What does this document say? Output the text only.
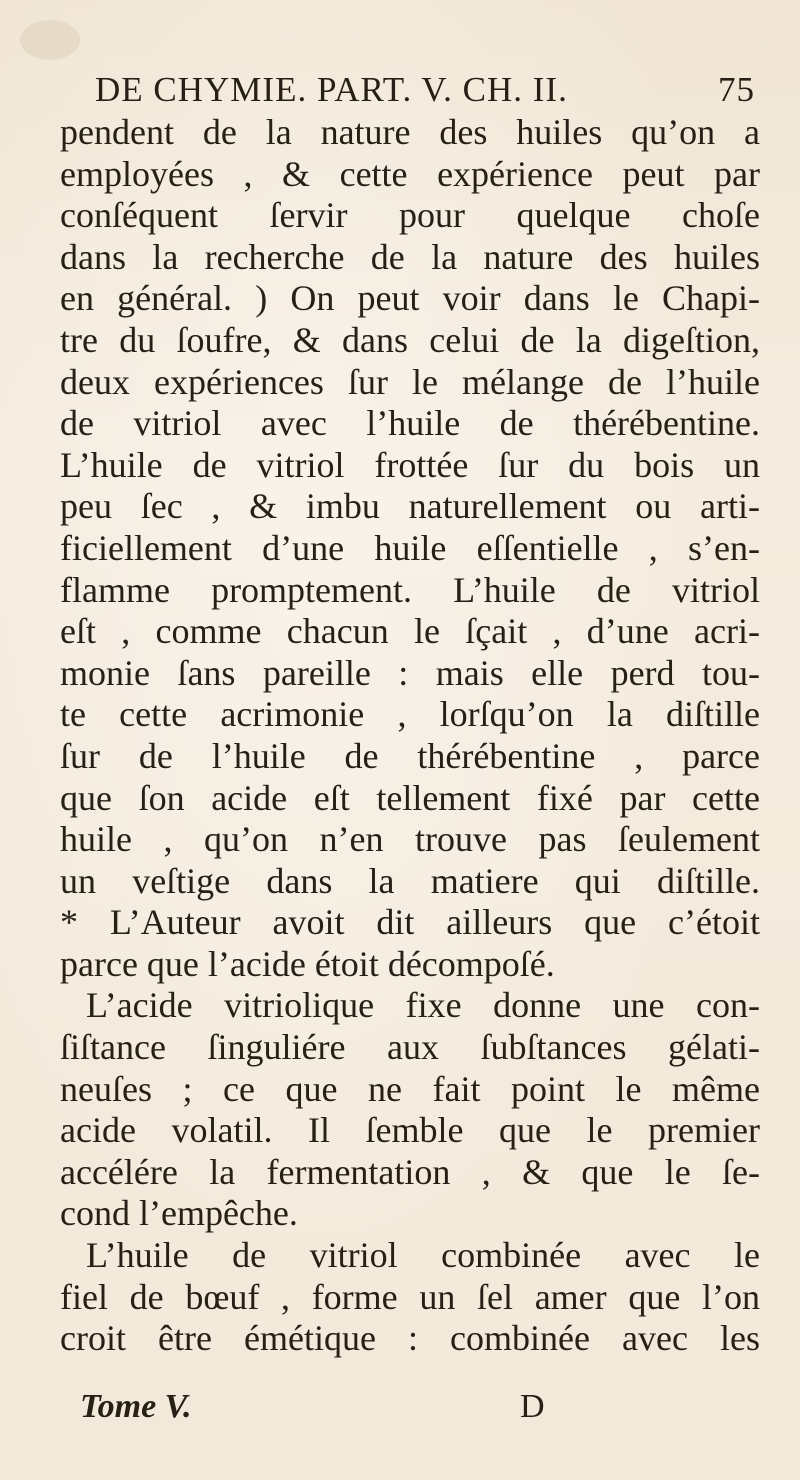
DE CHYMIE. PART. V. CH. II.	75
pendent de la nature des huiles qu’on a
employées , & cette expérience peut par
conſéquent ſervir pour quelque choſe
dans la recherche de la nature des huiles
en général. ) On peut voir dans le Chapi-
tre du ſoufre, & dans celui de la digeſtion,
deux expériences ſur le mélange de l’huile
de vitriol avec l’huile de thérébentine.
L’huile de vitriol frottée ſur du bois un
peu ſec , & imbu naturellement ou arti-
ficiellement d’une huile eſſentielle , s’en-
flamme promptement. L’huile de vitriol
eſt , comme chacun le ſçait , d’une acri-
monie ſans pareille : mais elle perd tou-
te cette acrimonie , lorſqu’on la diſtille
ſur de l’huile de thérébentine , parce
que ſon acide eſt tellement fixé par cette
huile , qu’on n’en trouve pas ſeulement
un veſtige dans la matiere qui diſtille.
* L’Auteur avoit dit ailleurs que c’étoit
parce que l’acide étoit décompoſé.
L’acide vitriolique fixe donne une con-
ſiſtance ſinguliére aux ſubſtances gélati-
neuſes ; ce que ne fait point le même
acide volatil. Il ſemble que le premier
accélére la fermentation , & que le ſe-
cond l’empêche.
L’huile de vitriol combinée avec le
fiel de bœuf , forme un ſel amer que l’on
croit être émétique : combinée avec les
Tome V.	D
